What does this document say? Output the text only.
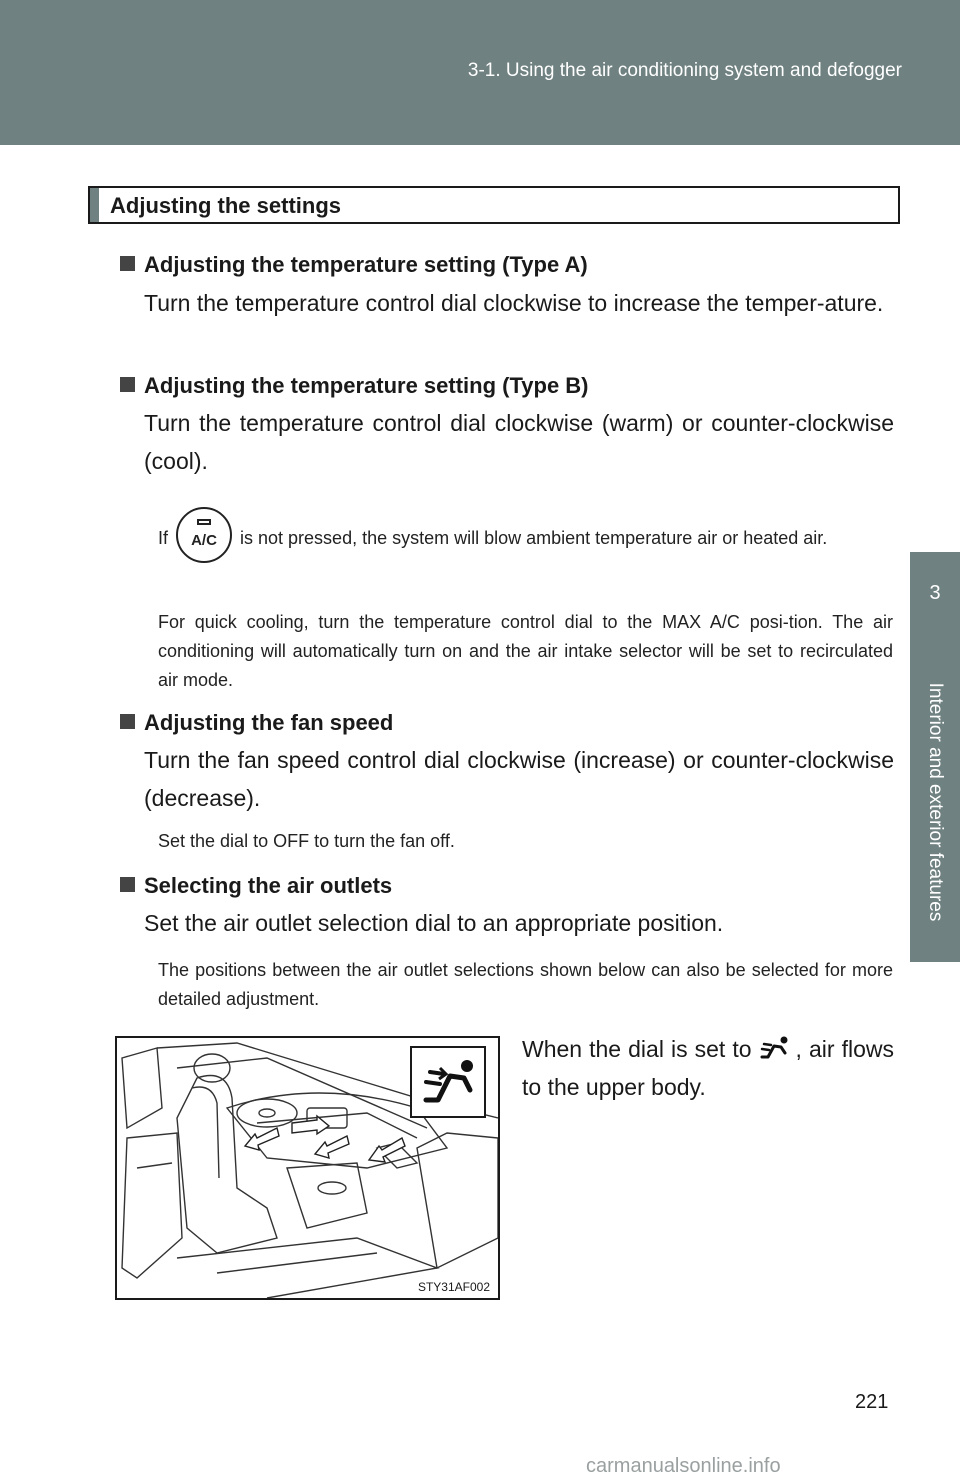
3-1. Using the air conditioning system and defogger
3
Interior and exterior features
Adjusting the settings
Adjusting the temperature setting (Type A)
Turn the temperature control dial clockwise to increase the temper-ature.
Adjusting the temperature setting (Type B)
Turn the temperature control dial clockwise (warm) or counter-clockwise (cool).
If	A/C	is not pressed, the system will blow ambient temperature air or heated air.
For quick cooling, turn the temperature control dial to the MAX A/C posi-tion. The air conditioning will automatically turn on and the air intake selector will be set to recirculated air mode.
Adjusting the fan speed
Turn the fan speed control dial clockwise (increase) or counter-clockwise (decrease).
Set the dial to OFF to turn the fan off.
Selecting the air outlets
Set the air outlet selection dial to an appropriate position.
The positions between the air outlet selections shown below can also be selected for more detailed adjustment.
STY31AF002
When the dial is set to , air flows to the upper body.
221
carmanualsonline.info
